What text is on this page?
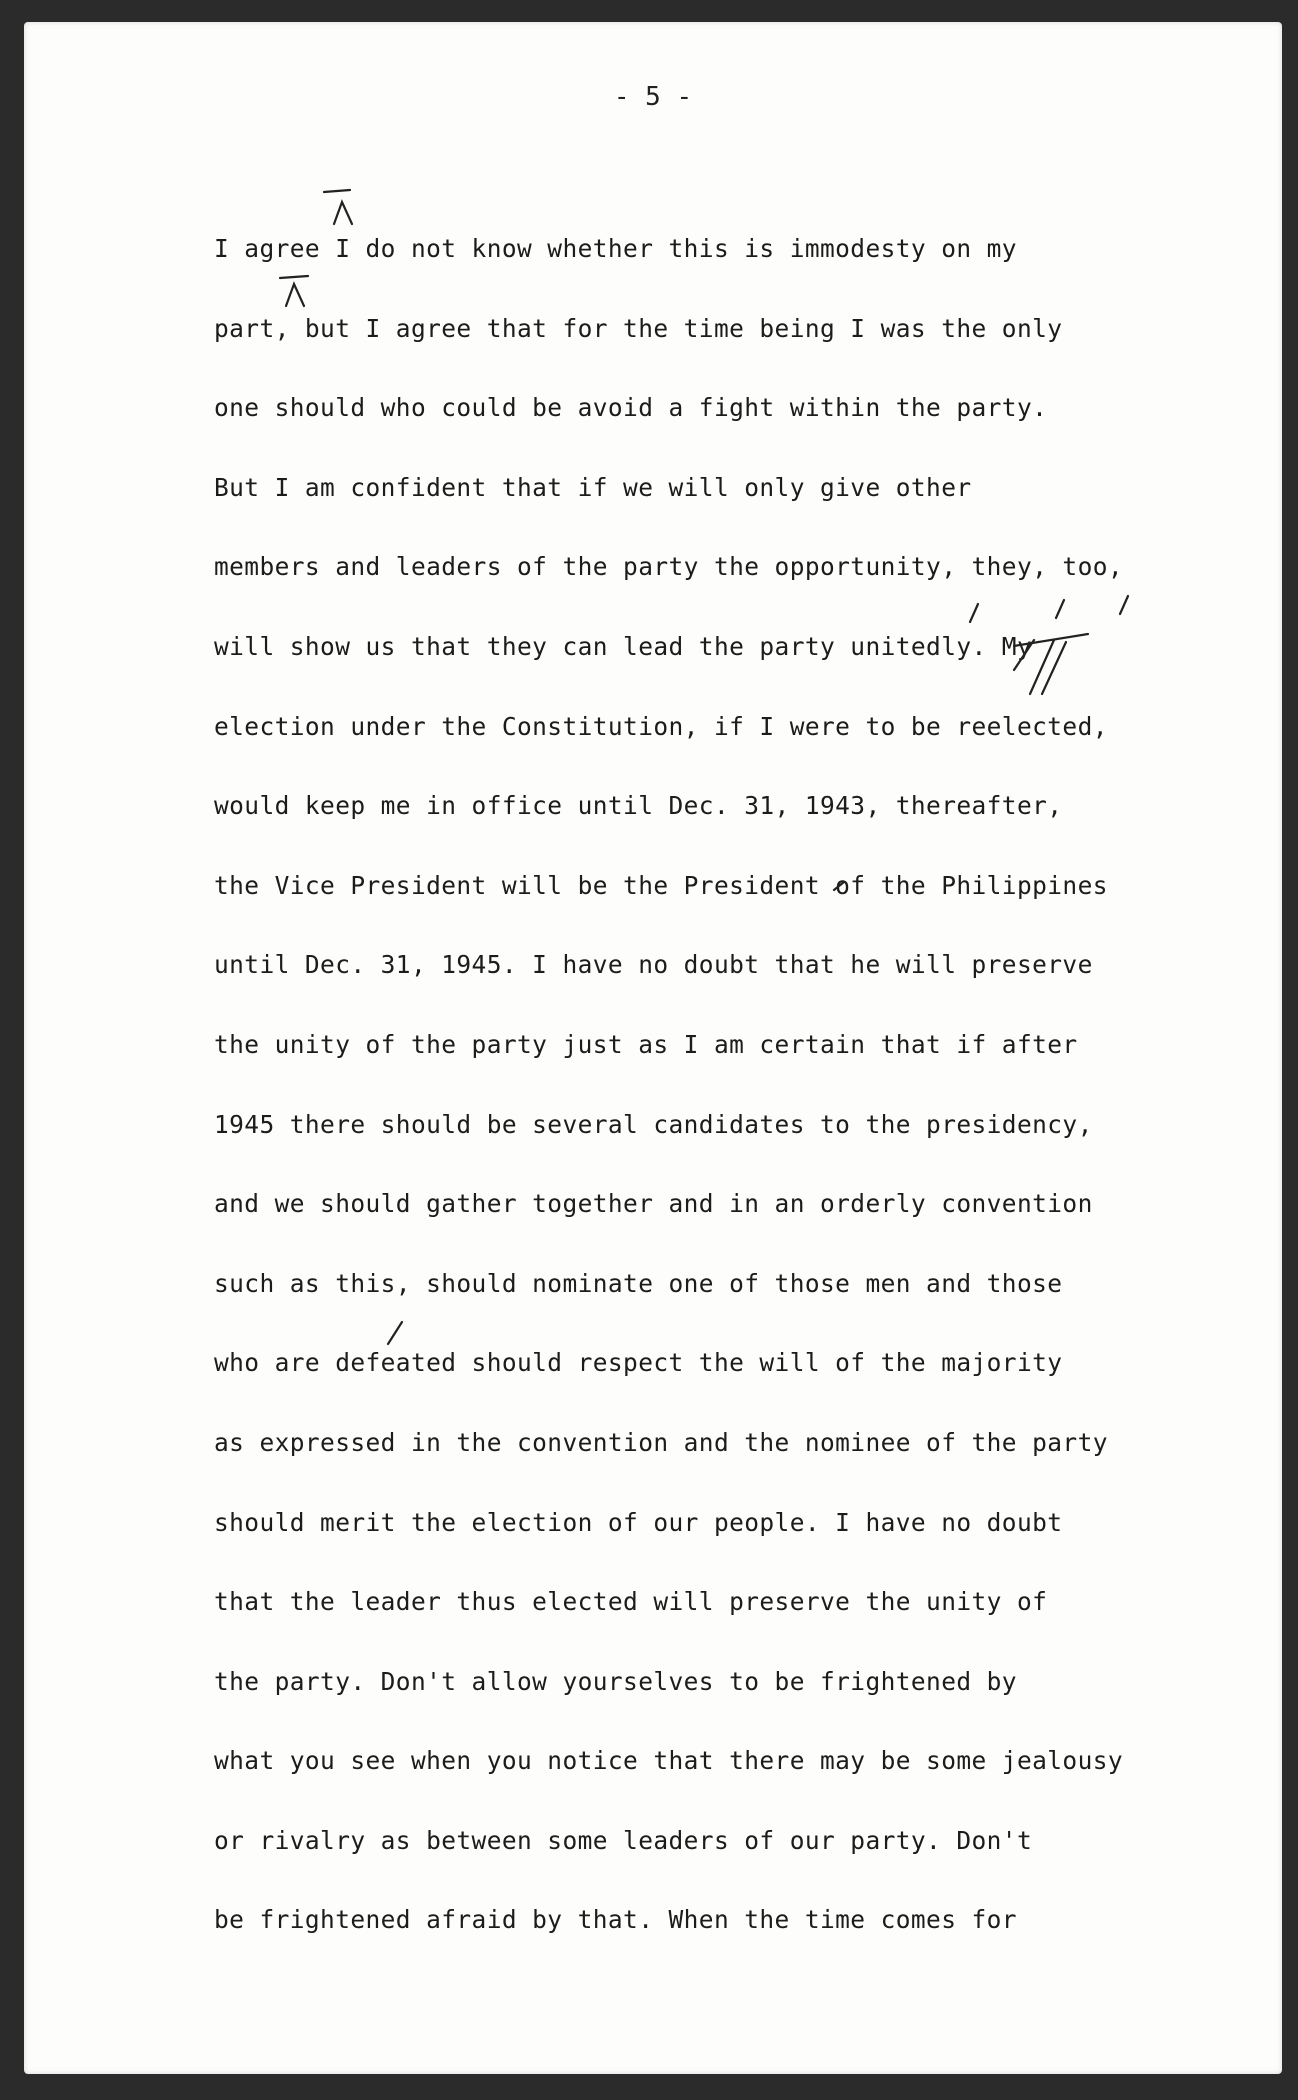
- 5 -
I agree I do not know whether this is immodesty on my
part, but I agree that for the time being I was the only
one should who could be avoid a fight within the party.
But I am confident that if we will only give other
members and leaders of the party the opportunity, they, too,
will show us that they can lead the party unitedly. My
election under the Constitution, if I were to be reelected,
would keep me in office until Dec. 31, 1943, thereafter,
the Vice President will be the President of the Philippines
until Dec. 31, 1945. I have no doubt that he will preserve
the unity of the party just as I am certain that if after
1945 there should be several candidates to the presidency,
and we should gather together and in an orderly convention
such as this, should nominate one of those men and those
who are defeated should respect the will of the majority
as expressed in the convention and the nominee of the party
should merit the election of our people. I have no doubt
that the leader thus elected will preserve the unity of
the party. Don't allow yourselves to be frightened by
what you see when you notice that there may be some jealousy
or rivalry as between some leaders of our party. Don't
be frightened afraid by that. When the time comes for
